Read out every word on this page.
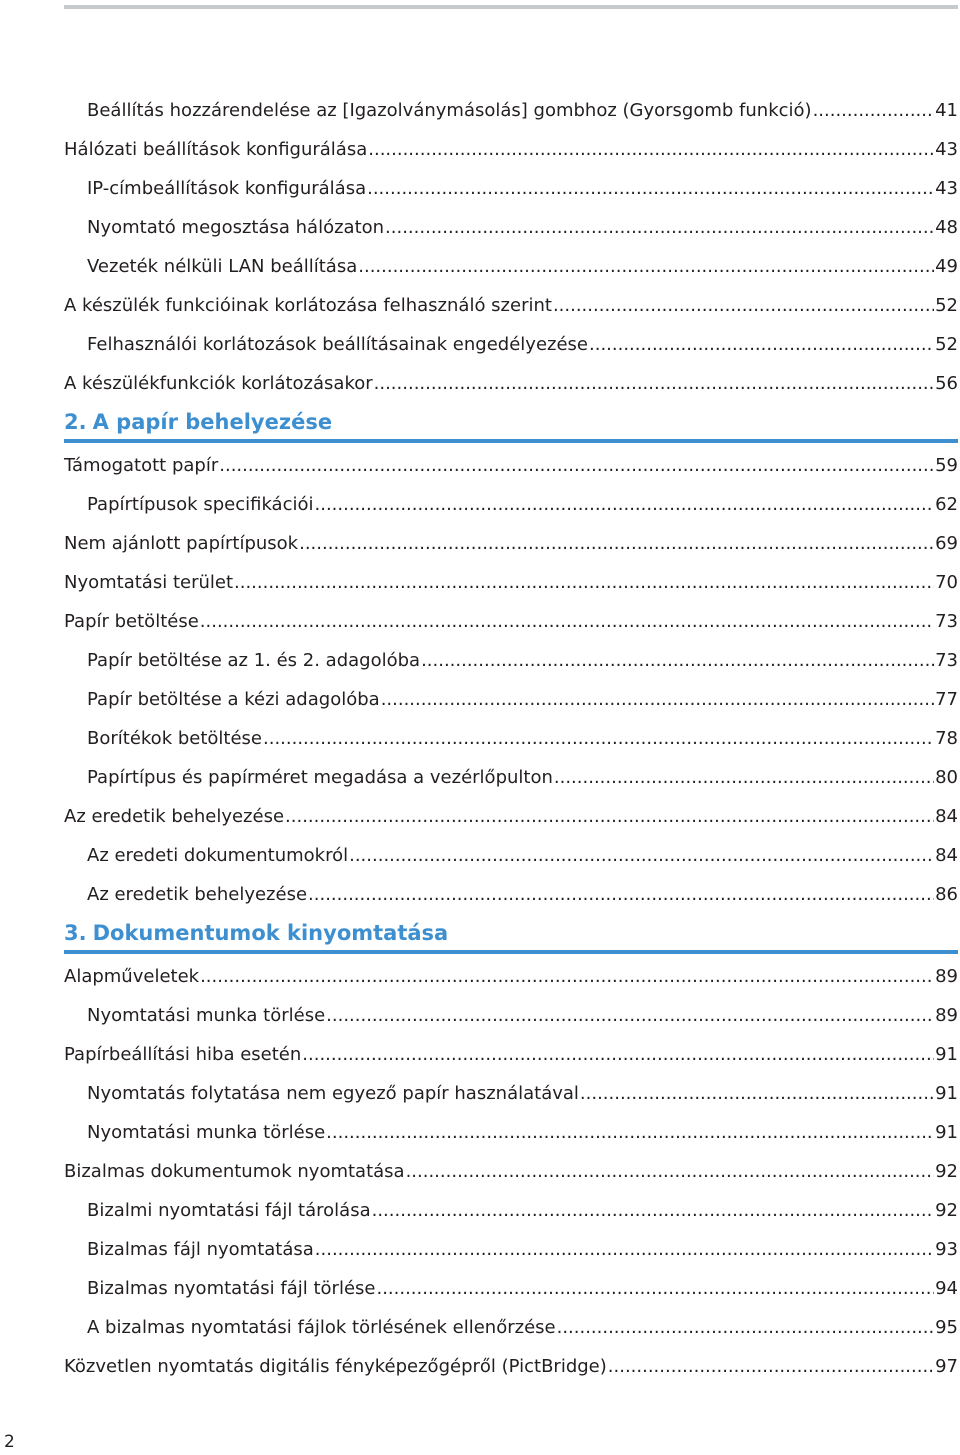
Beállítás hozzárendelése az [Igazolványmásolás] gombhoz (Gyorsgomb funkció) .....	41
Hálózati beállítások konfigurálása .....	43
IP-címbeállítások konfigurálása .....	43
Nyomtató megosztása hálózaton .....	48
Vezeték nélküli LAN beállítása .....	49
A készülék funkcióinak korlátozása felhasználó szerint .....	52
Felhasználói korlátozások beállításainak engedélyezése .....	52
A készülékfunkciók korlátozásakor .....	56
2. A papír behelyezése
Támogatott papír .....	59
Papírtípusok specifikációi .....	62
Nem ajánlott papírtípusok .....	69
Nyomtatási terület .....	70
Papír betöltése .....	73
Papír betöltése az 1. és 2. adagolóba .....	73
Papír betöltése a kézi adagolóba .....	77
Borítékok betöltése .....	78
Papírtípus és papírméret megadása a vezérlőpulton .....	80
Az eredetik behelyezése .....	84
Az eredeti dokumentumokról .....	84
Az eredetik behelyezése .....	86
3. Dokumentumok kinyomtatása
Alapműveletek .....	89
Nyomtatási munka törlése .....	89
Papírbeállítási hiba esetén .....	91
Nyomtatás folytatása nem egyező papír használatával .....	91
Nyomtatási munka törlése .....	91
Bizalmas dokumentumok nyomtatása .....	92
Bizalmi nyomtatási fájl tárolása .....	92
Bizalmas fájl nyomtatása .....	93
Bizalmas nyomtatási fájl törlése .....	94
A bizalmas nyomtatási fájlok törlésének ellenőrzése .....	95
Közvetlen nyomtatás digitális fényképezőgépről (PictBridge) .....	97
2
